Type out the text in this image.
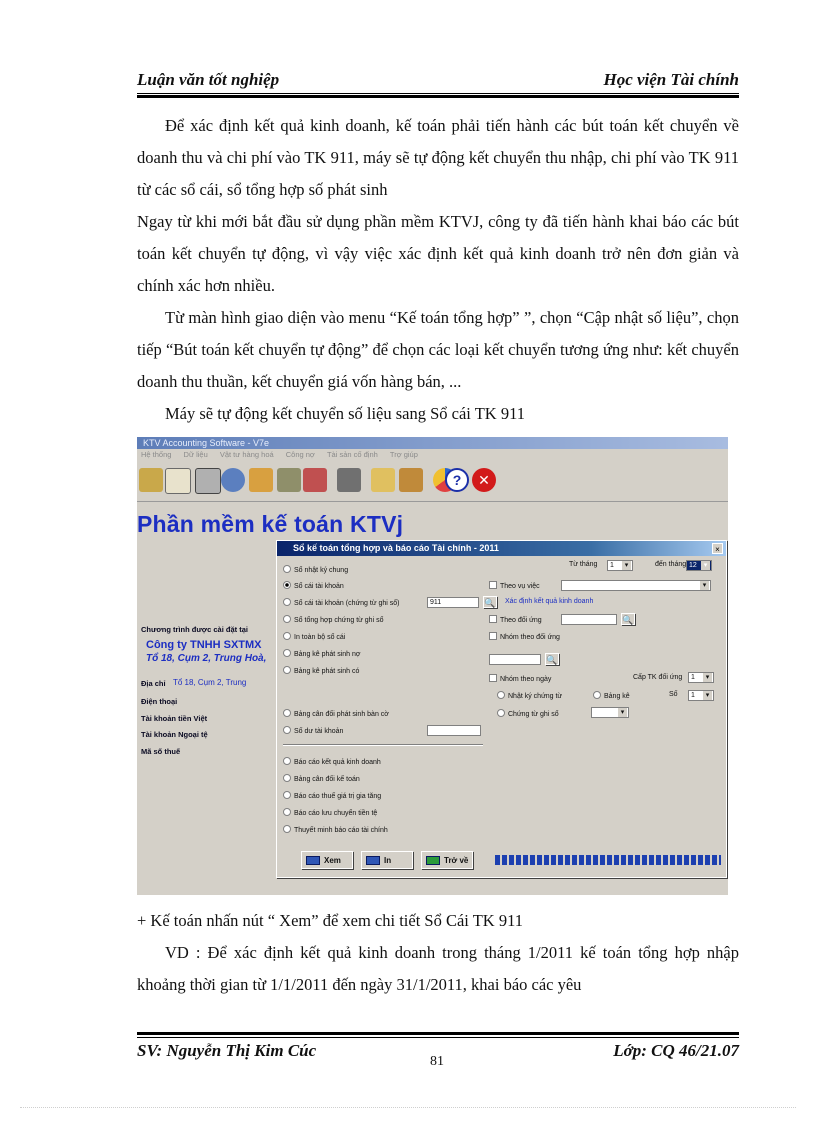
Luận văn tốt nghiệp	Học viện Tài chính

Để xác định kết quả kinh doanh, kế toán phải tiến hành các bút toán kết chuyển về doanh thu và chi phí vào TK 911, máy sẽ tự động kết chuyển thu nhập, chi phí vào TK 911 từ các sổ cái, sổ tổng hợp số phát sinh

Ngay từ khi mới bắt đầu sử dụng phần mềm KTVJ, công ty đã tiến hành khai báo các bút toán kết chuyển tự động, vì vậy việc xác định kết quả kinh doanh trở nên đơn giản và chính xác hơn nhiều.

Từ màn hình giao diện vào menu “Kế toán tổng hợp” ”, chọn “Cập nhật số liệu”, chọn tiếp “Bút toán kết chuyển tự động” để chọn các loại kết chuyển tương ứng như: kết chuyển doanh thu thuần, kết chuyển giá vốn hàng bán, ...

Máy sẽ tự động kết chuyển số liệu sang Sổ cái TK 911

KTV Accounting Software - V7e
Hệ thống Dữ liệu Vật tư hàng hoá Công nợ Tài sản cố định Trợ giúp
?	✕
Phần mềm kế toán KTVj
Chương trình được cài đặt tại
Công ty TNHH SXTMX
Tổ 18, Cụm 2, Trung Hoà,
Địa chỉ Tổ 18, Cụm 2, Trung
Điện thoại
Tài khoản tiền Việt
Tài khoản Ngoại tệ
Mã số thuế
Sổ kế toán tổng hợp và báo cáo Tài chính - 2011	×
Từ tháng	1 ▾	đến tháng 12 ▾
Sổ nhật ký chung
Sổ cái tài khoản
Sổ cái tài khoản (chứng từ ghi sổ)
Sổ tổng hợp chứng từ ghi sổ
In toàn bộ sổ cái
Bảng kê phát sinh nợ
Bảng kê phát sinh có
Bảng cân đối phát sinh bàn cờ
Số dư tài khoản
Báo cáo kết quả kinh doanh
Bảng cân đối kế toán
Báo cáo thuế giá trị gia tăng
Báo cáo lưu chuyển tiền tệ
Thuyết minh báo cáo tài chính
911	🔍 Xác định kết quả kinh doanh
Theo vụ việc
▾
Theo đối ứng	🔍
Nhóm theo đối ứng
🔍
Nhóm theo ngày	Cấp TK đối ứng	1 ▾
Nhật ký chứng từ	Bảng kê	Số	1 ▾
Chứng từ ghi sổ
▾
Xem	In	Trở về

+ Kế toán nhấn nút “ Xem” để xem chi tiết Sổ Cái TK 911

VD : Để xác định kết quả kinh doanh trong tháng 1/2011 kế toán tổng hợp nhập khoảng thời gian từ 1/1/2011 đến ngày 31/1/2011, khai báo các yêu

SV: Nguyễn Thị Kim Cúc	Lớp: CQ 46/21.07
81
